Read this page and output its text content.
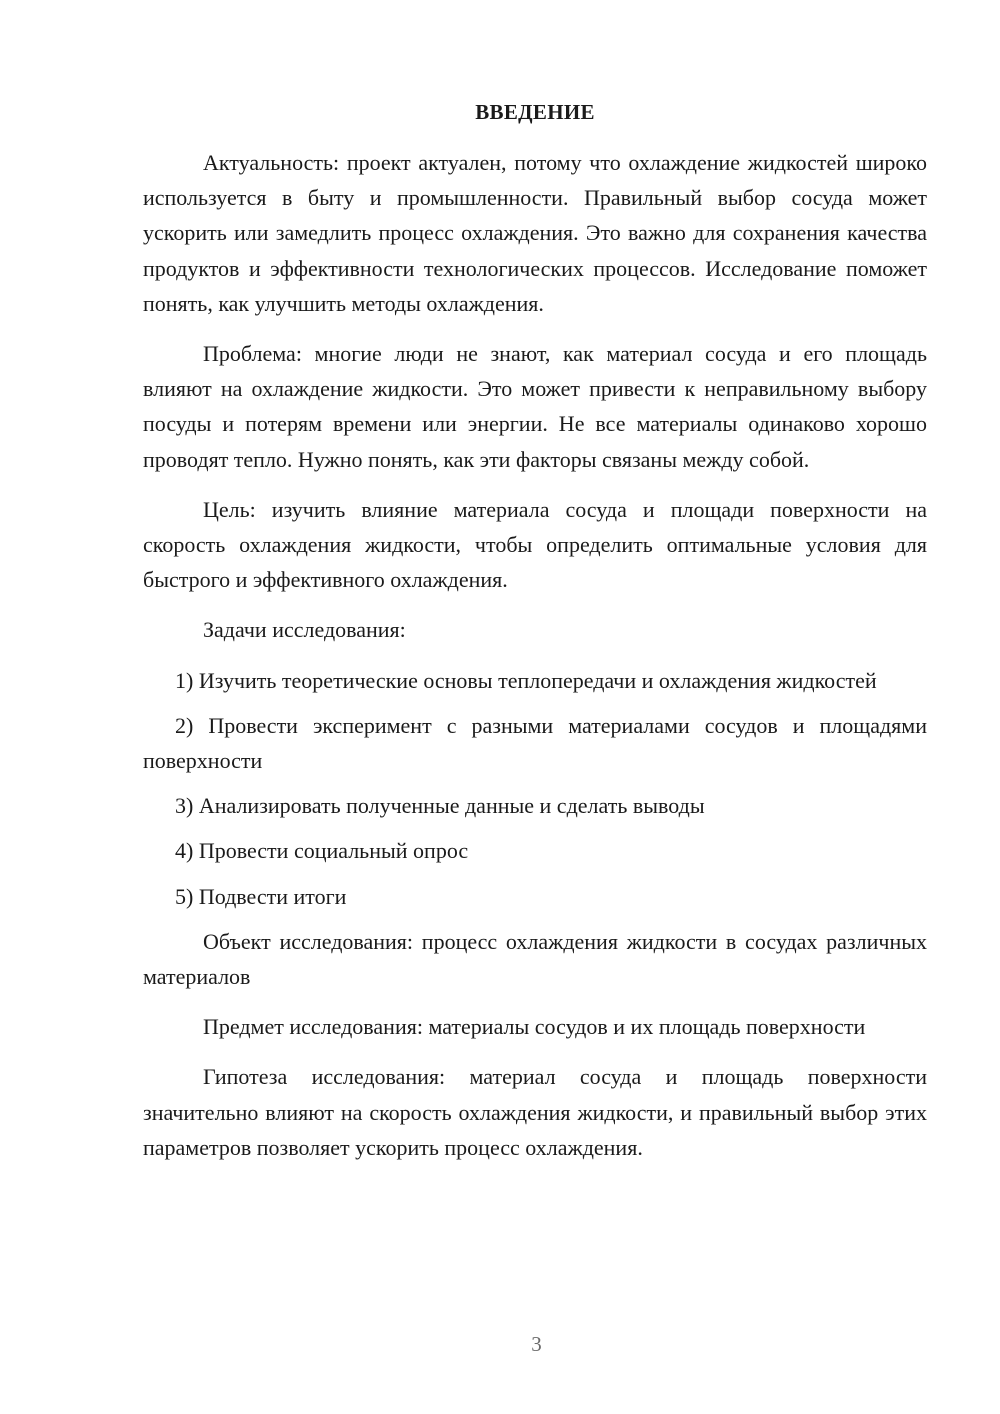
ВВЕДЕНИЕ

Актуальность: проект актуален, потому что охлаждение жидкостей широко используется в быту и промышленности. Правильный выбор сосуда может ускорить или замедлить процесс охлаждения. Это важно для сохранения качества продуктов и эффективности технологических процессов. Исследование поможет понять, как улучшить методы охлаждения.

Проблема: многие люди не знают, как материал сосуда и его площадь влияют на охлаждение жидкости. Это может привести к неправильному выбору посуды и потерям времени или энергии. Не все материалы одинаково хорошо проводят тепло. Нужно понять, как эти факторы связаны между собой.

Цель: изучить влияние материала сосуда и площади поверхности на скорость охлаждения жидкости, чтобы определить оптимальные условия для быстрого и эффективного охлаждения.

Задачи исследования:

1) Изучить теоретические основы теплопередачи и охлаждения жидкостей

2) Провести эксперимент с разными материалами сосудов и площадями поверхности

3) Анализировать полученные данные и сделать выводы

4) Провести социальный опрос

5) Подвести итоги

Объект исследования: процесс охлаждения жидкости в сосудах различных материалов

Предмет исследования: материалы сосудов и их площадь поверхности

Гипотеза исследования: материал сосуда и площадь поверхности значительно влияют на скорость охлаждения жидкости, и правильный выбор этих параметров позволяет ускорить процесс охлаждения.

3
